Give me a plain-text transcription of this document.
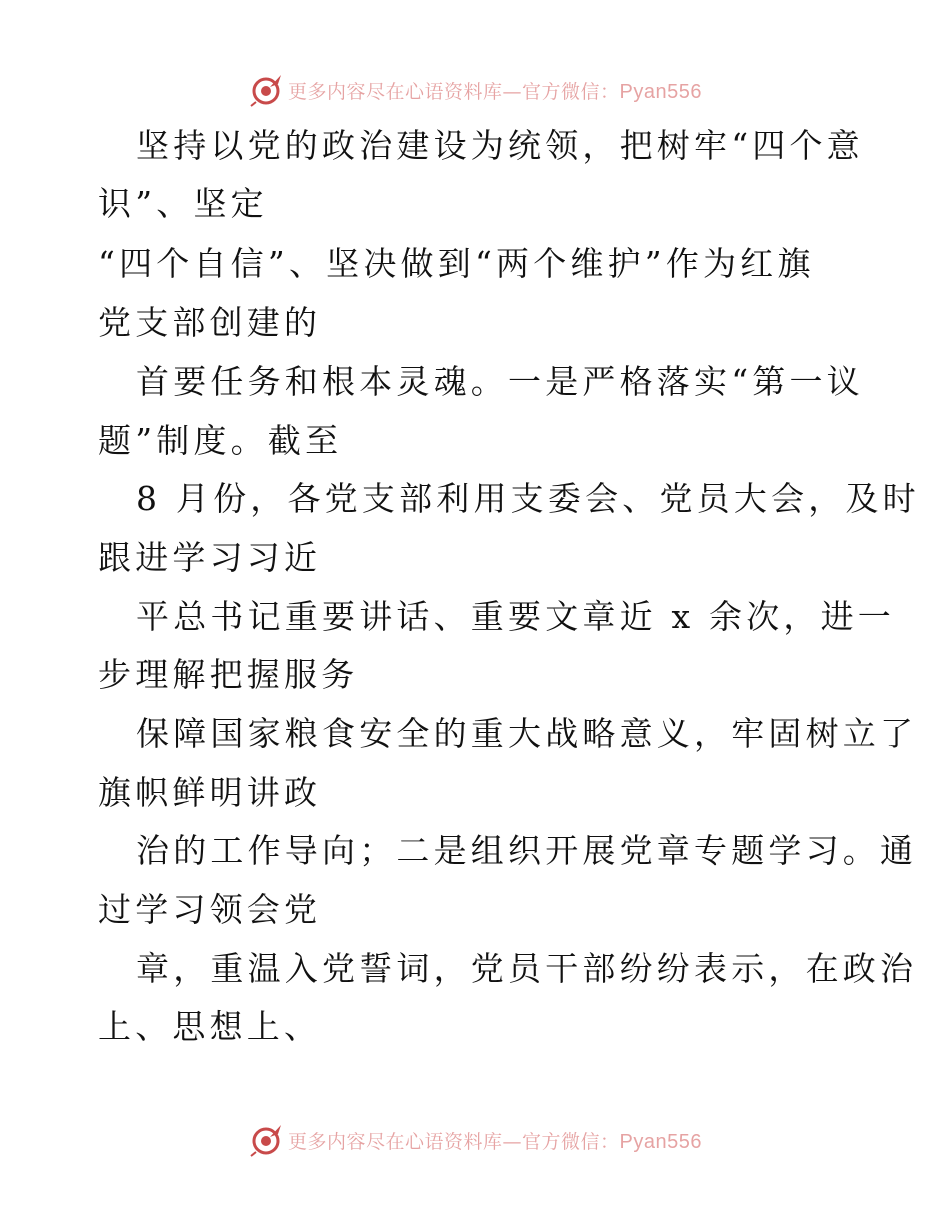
更多内容尽在心语资料库—官方微信：Pyan556
坚持以党的政治建设为统领，把树牢“四个意
识”、坚定
“四个自信”、坚决做到“两个维护”作为红旗
党支部创建的
首要任务和根本灵魂。一是严格落实“第一议
题”制度。截至
8 月份，各党支部利用支委会、党员大会，及时
跟进学习习近
平总书记重要讲话、重要文章近 x 余次，进一
步理解把握服务
保障国家粮食安全的重大战略意义，牢固树立了
旗帜鲜明讲政
治的工作导向；二是组织开展党章专题学习。通
过学习领会党
章，重温入党誓词，党员干部纷纷表示，在政治
上、思想上、
更多内容尽在心语资料库—官方微信：Pyan556
